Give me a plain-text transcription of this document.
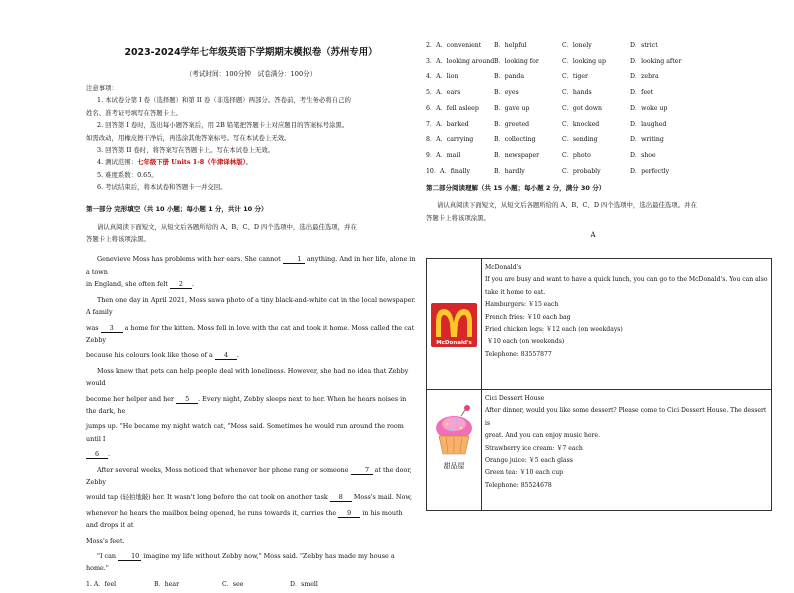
2023-2024学年七年级英语下学期期末模拟卷（苏州专用）
（考试时间：100分钟　试卷满分：100分）

注意事项：

1. 本试卷分第 I 卷（选择题）和第 II 卷（非选择题）两部分。答卷前，考生务必将自己的

姓名、准考证号填写在答题卡上。

2. 回答第 I 卷时，选出每小题答案后，用 2B 铅笔把答题卡上对应题目的答案标号涂黑。

如需改动，用橡皮擦干净后，再选涂其他答案标号。写在本试卷上无效。

3. 回答第 II 卷时，将答案写在答题卡上。写在本试卷上无效。

4. 测试范围：七年级下册 Units 1-8（牛津译林版）。

5. 难度系数：0.65。

6. 考试结束后，将本试卷和答题卡一并交回。

第一部分 完形填空（共 10 小题；每小题 1 分，共计 10 分）

请认真阅读下面短文，从短文后各题所给的 A、B、C、D 四个选项中，选出最佳选项，并在

答题卡上将该项涂黑。

Genevieve Moss has problems with her ears. She cannot	1 anything. And in her life, alone in a town

in England, she often felt 2 .

Then one day in April 2021, Moss sawa photo of a tiny black-and-white cat in the local newspaper. A family

was 3 a home for the kitten. Moss fell in love with the cat and took it home. Moss called the cat Zebby

because his colours look like those of a 4 .

Moss knew that pets can help people deal with loneliness. However, she had no idea that Zebby would

become her helper and her 5 . Every night, Zebby sleeps next to her. When he hears noises in the dark, he

jumps up. "He became my night watch cat, "Moss said. Sometimes he would run around the room until I

6 .

After several weeks, Moss noticed that whenever her phone rang or someone	7 at the door, Zebby

would tap (轻拍地敲) her. It wasn't long before the cat took on another task 8 Moss's mail. Now,

whenever he hears the mailbox being opened, he runs towards it, carries the 9 in his mouth and drops it at

Moss's feet.

"I can 10 imagine my life without Zebby now," Moss said. "Zebby has made my house a home."

1. A．feel	B．hear	C．see	D．smell
2．A．convenient	B．helpful	C．lonely	D．strict
3．A．looking around B．looking for	C．looking up	D．looking after
4．A．lion	B．panda	C．tiger	D．zebra
5．A．ears	B．eyes	C．hands	D．feet
6．A．fell asleep	B．gave up	C．got down	D．woke up
7．A．barked	B．greeted	C．knocked	D．laughed
8．A．carrying	B．collecting	C．sending	D．writing
9．A．mail	B．newspaper	C．photo	D．shoe
10．A．finally	B．hardly	C．probably	D．perfectly

第二部分阅读理解（共 15 小题；每小题 2 分，满分 30 分）

请认真阅读下面短文，从短文后各题所给的 A、B、C、D 四个选项中，选出最佳选项。并在

答题卡上将该项涂黑。

A

McDonald's

McDonald's

If you are busy and want to have a quick lunch, you can go to the McDonald's. You can also

take it home to eat.

Hamburgers: ￥15 each

French fries: ￥10 each bag

Fried chicken legs: ￥12 each (on weekdays)

￥10 each (on weekends)

Telephone: 83557877

甜品屋

Cici Dessert House

After dinner, would you like some dessert? Please come to Cici Dessert House. The dessert is

great. And you can enjoy music here.

Strawberry ice cream: ￥7 each

Orange juice: ￥5 each glass

Green tea: ￥10 each cup

Telephone: 85524678
